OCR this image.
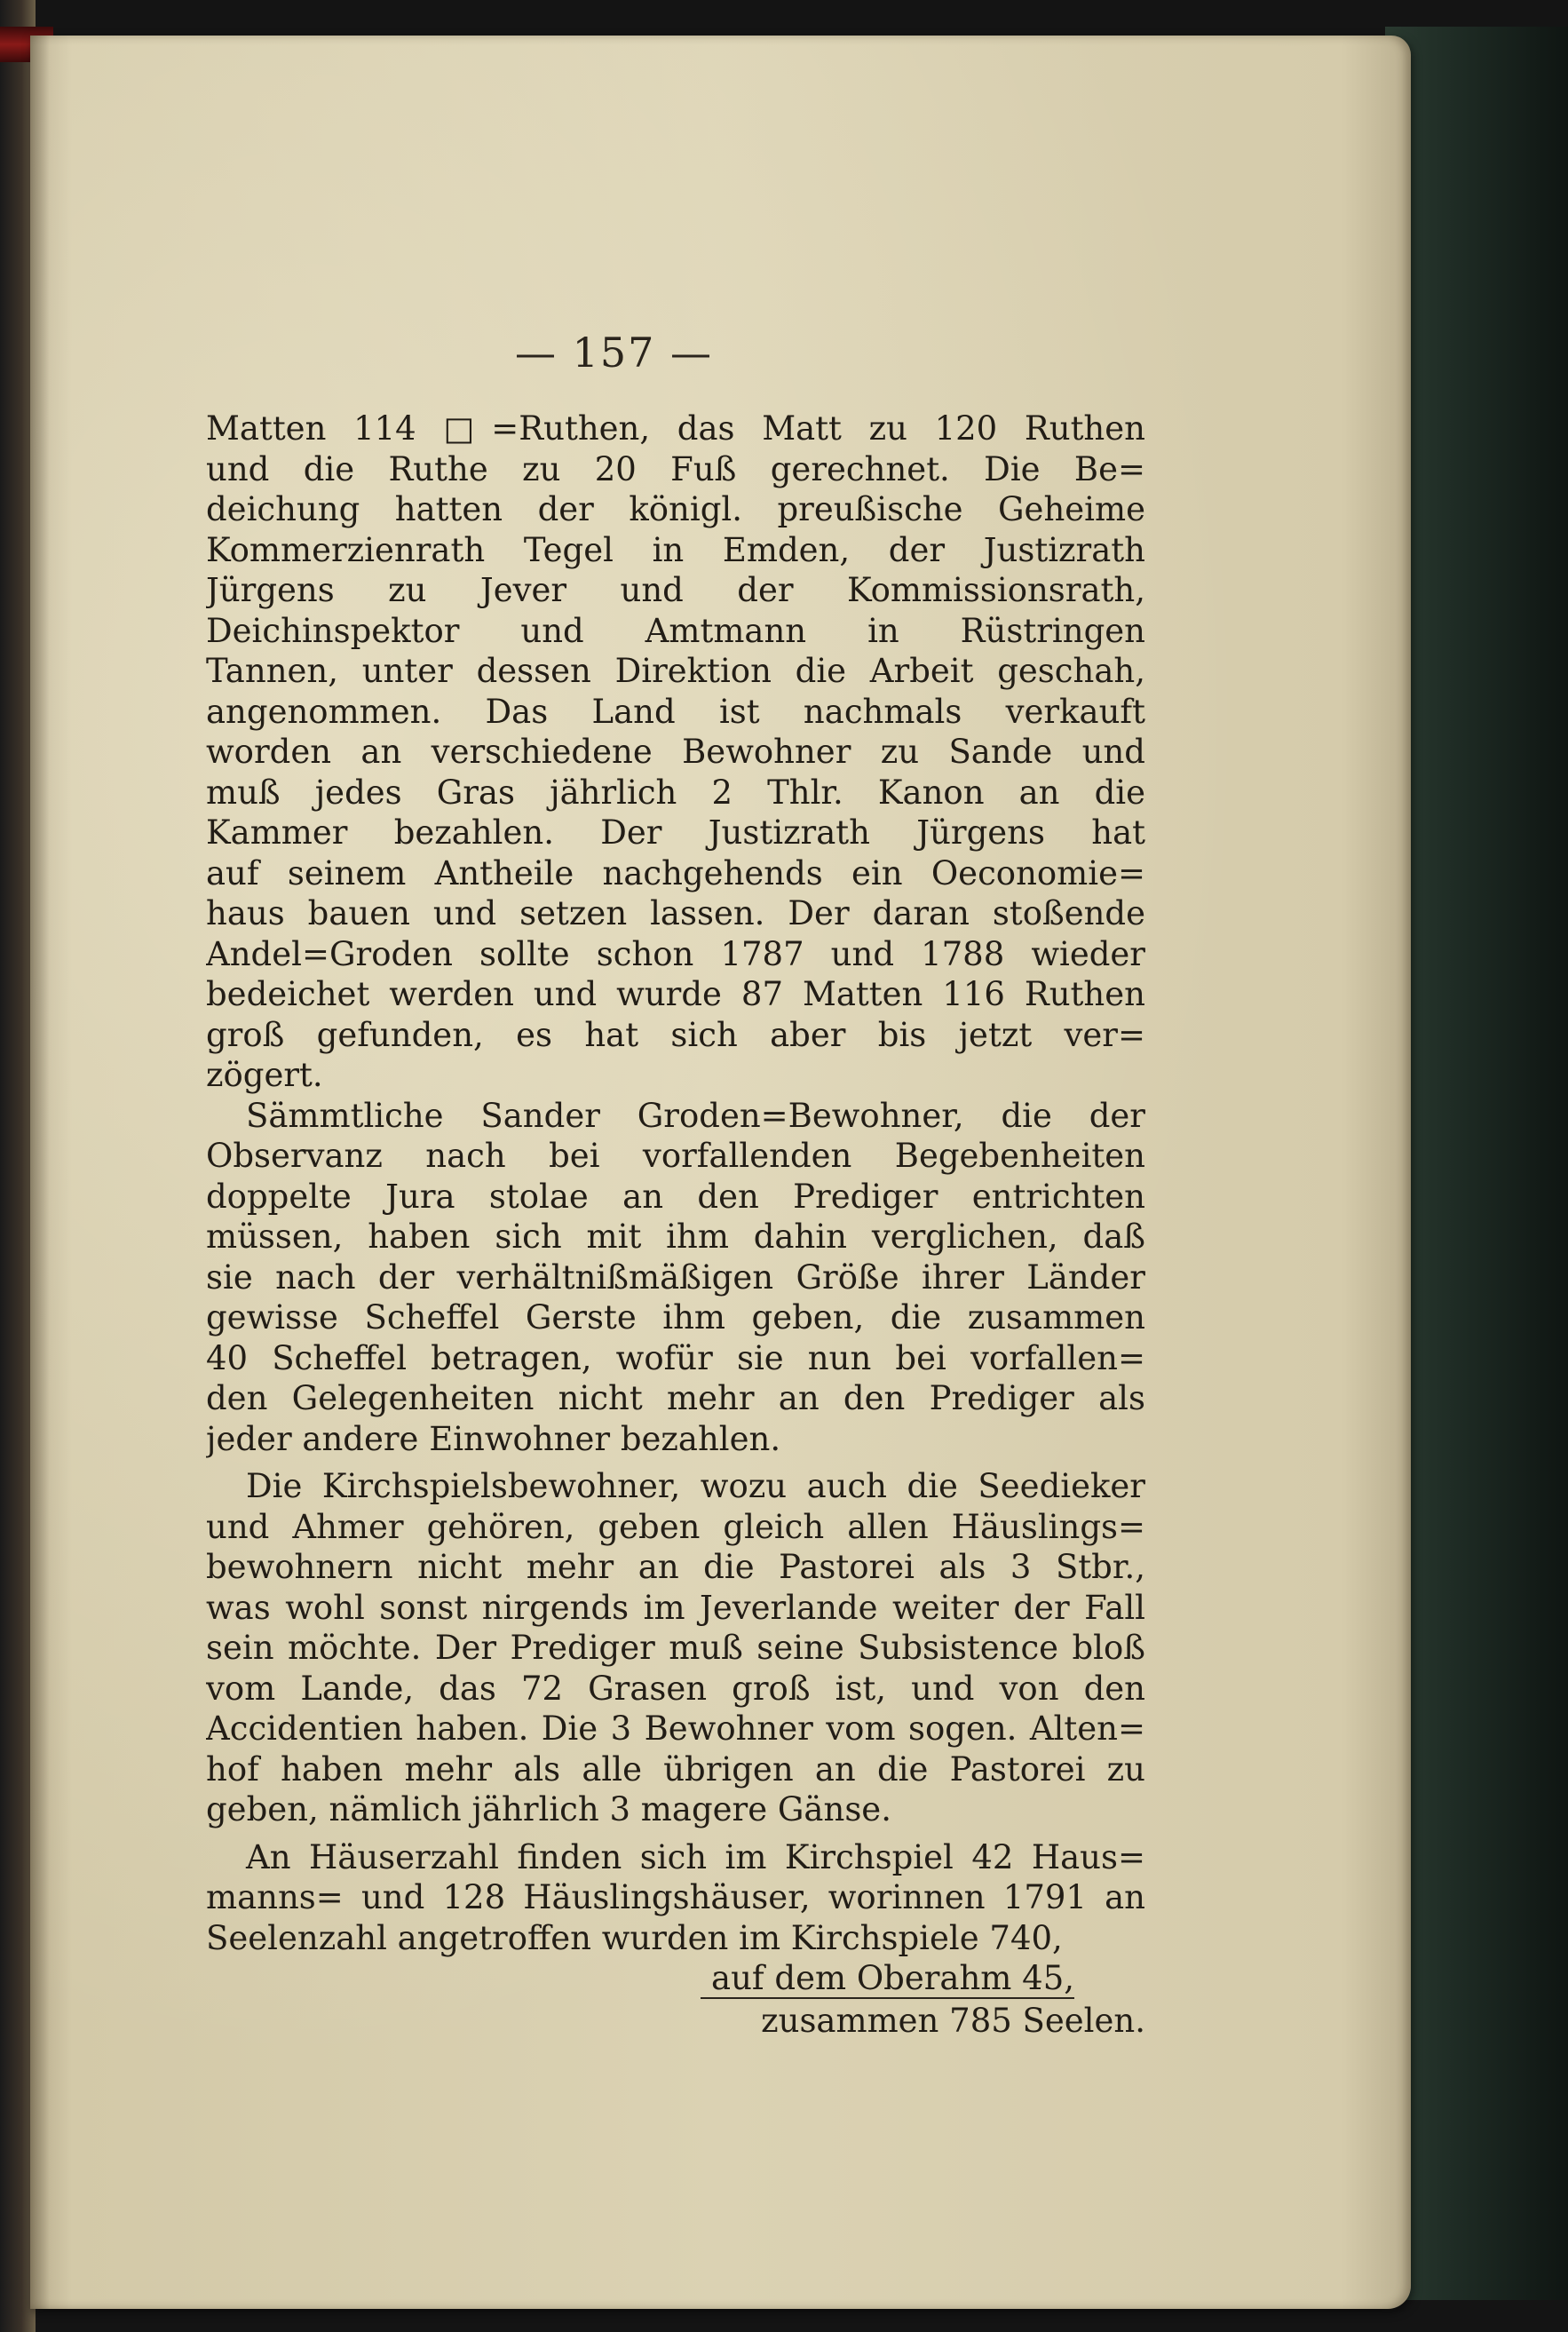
— 157 —
Matten 114 □=Ruthen, das Matt zu 120 Ruthen
und die Ruthe zu 20 Fuß gerechnet. Die Be=
deichung hatten der königl. preußische Geheime
Kommerzienrath Tegel in Emden, der Justizrath
Jürgens zu Jever und der Kommissionsrath,
Deichinspektor und Amtmann in Rüstringen
Tannen, unter dessen Direktion die Arbeit geschah,
angenommen. Das Land ist nachmals verkauft
worden an verschiedene Bewohner zu Sande und
muß jedes Gras jährlich 2 Thlr. Kanon an die
Kammer bezahlen. Der Justizrath Jürgens hat
auf seinem Antheile nachgehends ein Oeconomie=
haus bauen und setzen lassen. Der daran stoßende
Andel=Groden sollte schon 1787 und 1788 wieder
bedeichet werden und wurde 87 Matten 116 Ruthen
groß gefunden, es hat sich aber bis jetzt ver=
zögert.
Sämmtliche Sander Groden=Bewohner, die der
Observanz nach bei vorfallenden Begebenheiten
doppelte Jura stolae an den Prediger entrichten
müssen, haben sich mit ihm dahin verglichen, daß
sie nach der verhältnißmäßigen Größe ihrer Länder
gewisse Scheffel Gerste ihm geben, die zusammen
40 Scheffel betragen, wofür sie nun bei vorfallen=
den Gelegenheiten nicht mehr an den Prediger als
jeder andere Einwohner bezahlen.
Die Kirchspielsbewohner, wozu auch die Seedieker
und Ahmer gehören, geben gleich allen Häuslings=
bewohnern nicht mehr an die Pastorei als 3 Stbr.,
was wohl sonst nirgends im Jeverlande weiter der Fall
sein möchte. Der Prediger muß seine Subsistence bloß
vom Lande, das 72 Grasen groß ist, und von den
Accidentien haben. Die 3 Bewohner vom sogen. Alten=
hof haben mehr als alle übrigen an die Pastorei zu
geben, nämlich jährlich 3 magere Gänse.
An Häuserzahl finden sich im Kirchspiel 42 Haus=
manns= und 128 Häuslingshäuser, worinnen 1791 an
Seelenzahl angetroffen wurden im Kirchspiele 740,
auf dem Oberahm 45,
zusammen 785 Seelen.
